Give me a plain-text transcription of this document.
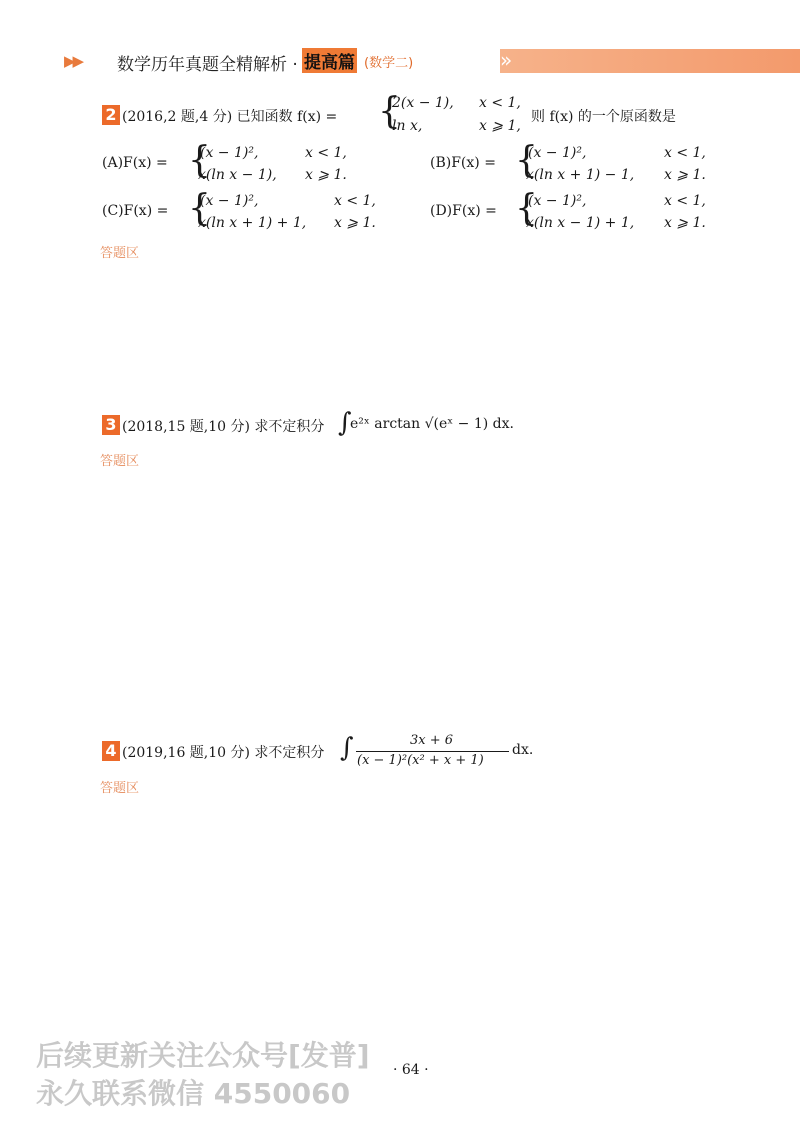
▶▶ 数学历年真题全精解析 · 提高篇 (数学二)	»
2 (2016,2 题,4 分) 已知函数 f(x) = {
2(x − 1), x < 1,
ln x,	x ⩾ 1,
则 f(x) 的一个原函数是
(A)F(x) = {
(x − 1)²,	x < 1,
x(ln x − 1), x ⩾ 1.
(B)F(x) = {
(x − 1)²,	x < 1,
x(ln x + 1) − 1, x ⩾ 1.
(C)F(x) = {
(x − 1)²,	x < 1,
x(ln x + 1) + 1, x ⩾ 1.
(D)F(x) = {
(x − 1)²,	x < 1,
x(ln x − 1) + 1, x ⩾ 1.
答题区
3 (2018,15 题,10 分) 求不定积分 ∫
e²ˣ arctan √(eˣ − 1) dx.
答题区
4 (2019,16 题,10 分) 求不定积分 ∫	3x + 6
(x − 1)²(x² + x + 1)
dx.
答题区
后续更新关注公众号[发普]
永久联系微信 4550060
· 64 ·
